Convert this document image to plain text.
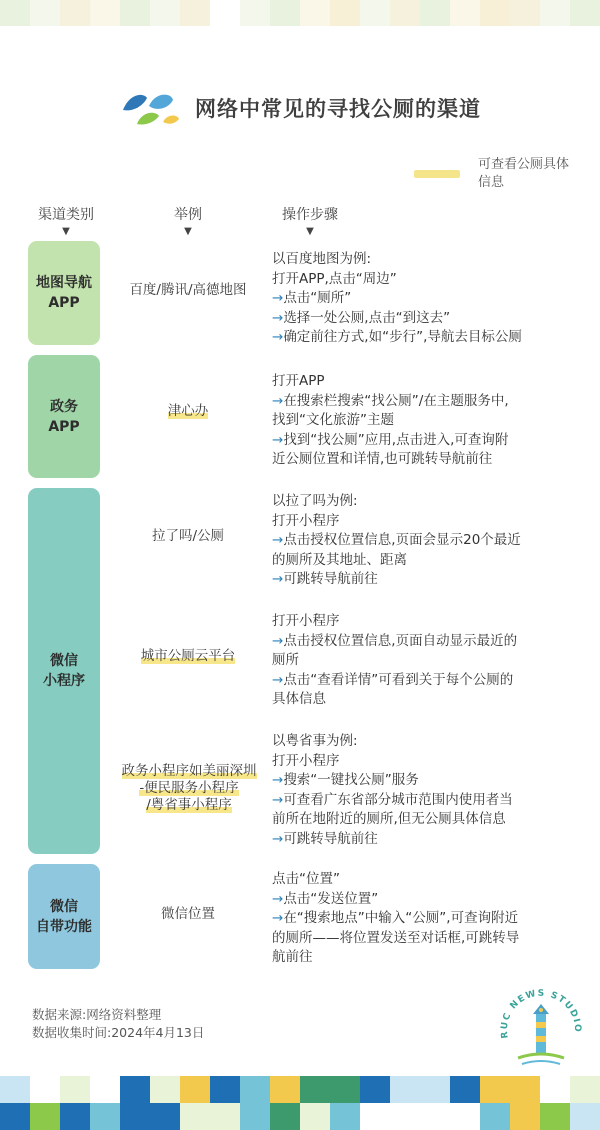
网络中常见的寻找公厕的渠道
可查看公厕具体信息
渠道类别
▼
举例
▼
操作步骤
▼
地图导航
APP
政务
APP
微信
小程序
微信
自带功能
百度/腾讯/高德地图
津心办
拉了吗/公厕
城市公厕云平台
政务小程序如美丽深圳
-便民服务小程序
/粤省事小程序
微信位置
以百度地图为例:
打开APP,点击“周边”
→点击“厕所”
→选择一处公厕,点击“到这去”
→确定前往方式,如“步行”,导航去目标公厕
打开APP
→在搜索栏搜索“找公厕”/在主题服务中,
找到“文化旅游”主题
→找到“找公厕”应用,点击进入,可查询附
近公厕位置和详情,也可跳转导航前往
以拉了吗为例:
打开小程序
→点击授权位置信息,页面会显示20个最近
的厕所及其地址、距离
→可跳转导航前往
打开小程序
→点击授权位置信息,页面自动显示最近的
厕所
→点击“查看详情”可看到关于每个公厕的
具体信息
以粤省事为例:
打开小程序
→搜索“一键找公厕”服务
→可查看广东省部分城市范围内使用者当
前所在地附近的厕所,但无公厕具体信息
→可跳转导航前往
点击“位置”
→点击“发送位置”
→在“搜索地点”中输入“公厕”,可查询附近
的厕所——将位置发送至对话框,可跳转导
航前往
数据来源:网络资料整理
数据收集时间:2024年4月13日	RUC NEWS STUDIO
